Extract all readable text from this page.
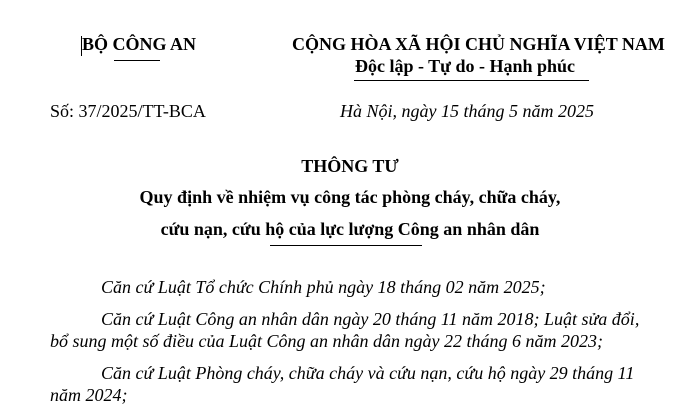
BỘ CÔNG AN	CỘNG HÒA XÃ HỘI CHỦ NGHĨA VIỆT NAM
Độc lập - Tự do - Hạnh phúc
Số: 37/2025/TT-BCA	Hà Nội, ngày 15 tháng 5 năm 2025
THÔNG TƯ
Quy định về nhiệm vụ công tác phòng cháy, chữa cháy,
cứu nạn, cứu hộ của lực lượng Công an nhân dân
Căn cứ Luật Tổ chức Chính phủ ngày 18 tháng 02 năm 2025;
Căn cứ Luật Công an nhân dân ngày 20 tháng 11 năm 2018; Luật sửa đổi,
bổ sung một số điều của Luật Công an nhân dân ngày 22 tháng 6 năm 2023;
Căn cứ Luật Phòng cháy, chữa cháy và cứu nạn, cứu hộ ngày 29 tháng 11
năm 2024;
